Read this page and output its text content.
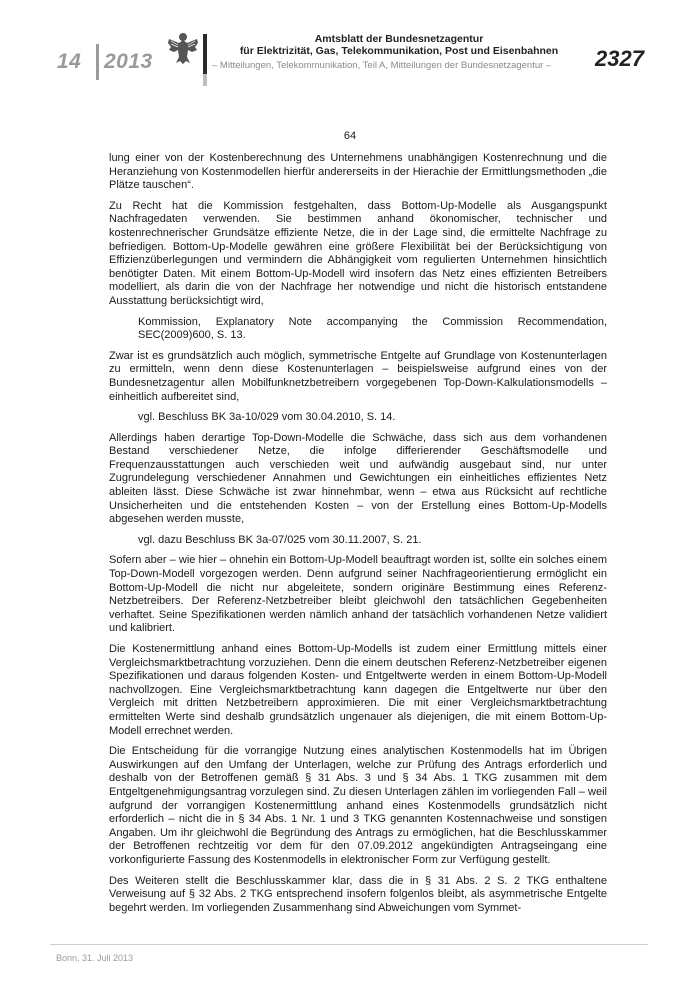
14 2013
Amtsblatt der Bundesnetzagentur
für Elektrizität, Gas, Telekommunikation, Post und Eisenbahnen
– Mitteilungen, Telekommunikation, Teil A, Mitteilungen der Bundesnetzagentur – 2327
64

lung einer von der Kostenberechnung des Unternehmens unabhängigen Kostenrechnung und die Heranziehung von Kostenmodellen hierfür andererseits in der Hierachie der Ermittlungsmethoden „die Plätze tauschen“.

Zu Recht hat die Kommission festgehalten, dass Bottom-Up-Modelle als Ausgangspunkt Nachfragedaten verwenden. Sie bestimmen anhand ökonomischer, technischer und kostenrechnerischer Grundsätze effiziente Netze, die in der Lage sind, die ermittelte Nachfrage zu befriedigen. Bottom-Up-Modelle gewähren eine größere Flexibilität bei der Berücksichtigung von Effizienzüberlegungen und vermindern die Abhängigkeit vom regulierten Unternehmen hinsichtlich benötigter Daten. Mit einem Bottom-Up-Modell wird insofern das Netz eines effizienten Betreibers modelliert, als darin die von der Nachfrage her notwendige und nicht die historisch entstandene Ausstattung berücksichtigt wird,

Kommission, Explanatory Note accompanying the Commission Recommendation, SEC(2009)600, S. 13.

Zwar ist es grundsätzlich auch möglich, symmetrische Entgelte auf Grundlage von Kostenunterlagen zu ermitteln, wenn denn diese Kostenunterlagen – beispielsweise aufgrund eines von der Bundesnetzagentur allen Mobilfunknetzbetreibern vorgegebenen Top-Down-Kalkulationsmodells – einheitlich aufbereitet sind,

vgl. Beschluss BK 3a-10/029 vom 30.04.2010, S. 14.

Allerdings haben derartige Top-Down-Modelle die Schwäche, dass sich aus dem vorhandenen Bestand verschiedener Netze, die infolge differierender Geschäftsmodelle und Frequenzausstattungen auch verschieden weit und aufwändig ausgebaut sind, nur unter Zugrundelegung verschiedener Annahmen und Gewichtungen ein einheitliches effizientes Netz ableiten lässt. Diese Schwäche ist zwar hinnehmbar, wenn – etwa aus Rücksicht auf rechtliche Unsicherheiten und die entstehenden Kosten – von der Erstellung eines Bottom-Up-Modells abgesehen werden musste,

vgl. dazu Beschluss BK 3a-07/025 vom 30.11.2007, S. 21.

Sofern aber – wie hier – ohnehin ein Bottom-Up-Modell beauftragt worden ist, sollte ein solches einem Top-Down-Modell vorgezogen werden. Denn aufgrund seiner Nachfrageorientierung ermöglicht ein Bottom-Up-Modell die nicht nur abgeleitete, sondern originäre Bestimmung eines Referenz-Netzbetreibers. Der Referenz-Netzbetreiber bleibt gleichwohl den tatsächlichen Gegebenheiten verhaftet. Seine Spezifikationen werden nämlich anhand der tatsächlich vorhandenen Netze validiert und kalibriert.

Die Kostenermittlung anhand eines Bottom-Up-Modells ist zudem einer Ermittlung mittels einer Vergleichsmarktbetrachtung vorzuziehen. Denn die einem deutschen Referenz-Netzbetreiber eigenen Spezifikationen und daraus folgenden Kosten- und Entgeltwerte werden in einem Bottom-Up-Modell nachvollzogen. Eine Vergleichsmarktbetrachtung kann dagegen die Entgeltwerte nur über den Vergleich mit dritten Netzbetreibern approximieren. Die mit einer Vergleichsmarktbetrachtung ermittelten Werte sind deshalb grundsätzlich ungenauer als diejenigen, die mit einem Bottom-Up-Modell errechnet werden.

Die Entscheidung für die vorrangige Nutzung eines analytischen Kostenmodells hat im Übrigen Auswirkungen auf den Umfang der Unterlagen, welche zur Prüfung des Antrags erforderlich und deshalb von der Betroffenen gemäß § 31 Abs. 3 und § 34 Abs. 1 TKG zusammen mit dem Entgeltgenehmigungsantrag vorzulegen sind. Zu diesen Unterlagen zählen im vorliegenden Fall – weil aufgrund der vorrangigen Kostenermittlung anhand eines Kostenmodells grundsätzlich nicht erforderlich – nicht die in § 34 Abs. 1 Nr. 1 und 3 TKG genannten Kostennachweise und sonstigen Angaben. Um ihr gleichwohl die Begründung des Antrags zu ermöglichen, hat die Beschlusskammer der Betroffenen rechtzeitig vor dem für den 07.09.2012 angekündigten Antragseingang eine vorkonfigurierte Fassung des Kostenmodells in elektronischer Form zur Verfügung gestellt.

Des Weiteren stellt die Beschlusskammer klar, dass die in § 31 Abs. 2 S. 2 TKG enthaltene Verweisung auf § 32 Abs. 2 TKG entsprechend insofern folgenlos bleibt, als asymmetrische Entgelte begehrt werden. Im vorliegenden Zusammenhang sind Abweichungen vom Symmet-

Bonn, 31. Juli 2013
